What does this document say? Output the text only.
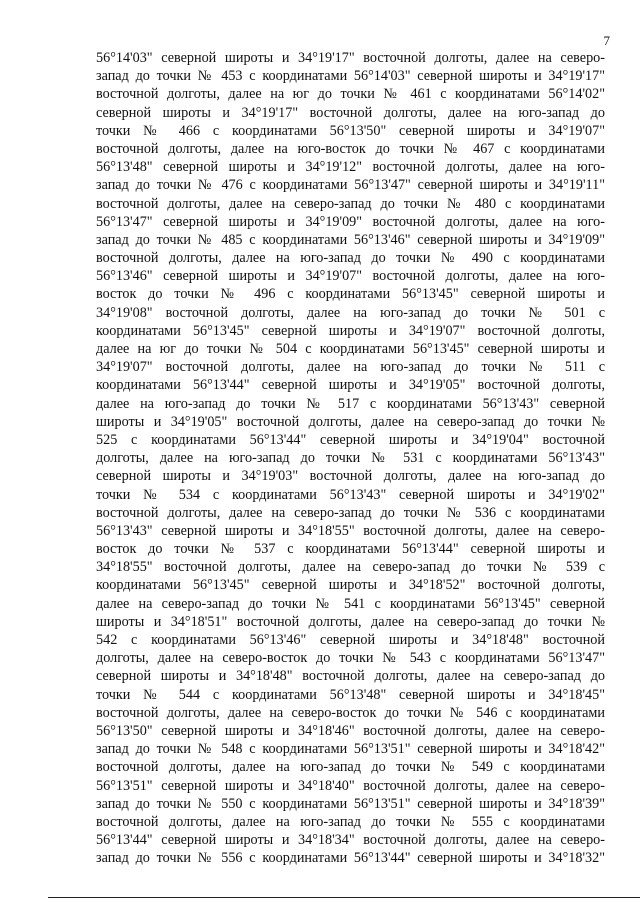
7
56°14'03" северной широты и 34°19'17" восточной долготы, далее на северо-
запад до точки № 453 с координатами 56°14'03" северной широты и 34°19'17"
восточной долготы, далее на юг до точки № 461 с координатами 56°14'02"
северной широты и 34°19'17" восточной долготы, далее на юго-запад до
точки № 466 с координатами 56°13'50" северной широты и 34°19'07"
восточной долготы, далее на юго-восток до точки № 467 с координатами
56°13'48" северной широты и 34°19'12" восточной долготы, далее на юго-
запад до точки № 476 с координатами 56°13'47" северной широты и 34°19'11"
восточной долготы, далее на северо-запад до точки № 480 с координатами
56°13'47" северной широты и 34°19'09" восточной долготы, далее на юго-
запад до точки № 485 с координатами 56°13'46" северной широты и 34°19'09"
восточной долготы, далее на юго-запад до точки № 490 с координатами
56°13'46" северной широты и 34°19'07" восточной долготы, далее на юго-
восток до точки № 496 с координатами 56°13'45" северной широты и
34°19'08" восточной долготы, далее на юго-запад до точки № 501 с
координатами 56°13'45" северной широты и 34°19'07" восточной долготы,
далее на юг до точки № 504 с координатами 56°13'45" северной широты и
34°19'07" восточной долготы, далее на юго-запад до точки № 511 с
координатами 56°13'44" северной широты и 34°19'05" восточной долготы,
далее на юго-запад до точки № 517 с координатами 56°13'43" северной
широты и 34°19'05" восточной долготы, далее на северо-запад до точки №
525 с координатами 56°13'44" северной широты и 34°19'04" восточной
долготы, далее на юго-запад до точки № 531 с координатами 56°13'43"
северной широты и 34°19'03" восточной долготы, далее на юго-запад до
точки № 534 с координатами 56°13'43" северной широты и 34°19'02"
восточной долготы, далее на северо-запад до точки № 536 с координатами
56°13'43" северной широты и 34°18'55" восточной долготы, далее на северо-
восток до точки № 537 с координатами 56°13'44" северной широты и
34°18'55" восточной долготы, далее на северо-запад до точки № 539 с
координатами 56°13'45" северной широты и 34°18'52" восточной долготы,
далее на северо-запад до точки № 541 с координатами 56°13'45" северной
широты и 34°18'51" восточной долготы, далее на северо-запад до точки №
542 с координатами 56°13'46" северной широты и 34°18'48" восточной
долготы, далее на северо-восток до точки № 543 с координатами 56°13'47"
северной широты и 34°18'48" восточной долготы, далее на северо-запад до
точки № 544 с координатами 56°13'48" северной широты и 34°18'45"
восточной долготы, далее на северо-восток до точки № 546 с координатами
56°13'50" северной широты и 34°18'46" восточной долготы, далее на северо-
запад до точки № 548 с координатами 56°13'51" северной широты и 34°18'42"
восточной долготы, далее на юго-запад до точки № 549 с координатами
56°13'51" северной широты и 34°18'40" восточной долготы, далее на северо-
запад до точки № 550 с координатами 56°13'51" северной широты и 34°18'39"
восточной долготы, далее на юго-запад до точки № 555 с координатами
56°13'44" северной широты и 34°18'34" восточной долготы, далее на северо-
запад до точки № 556 с координатами 56°13'44" северной широты и 34°18'32"
